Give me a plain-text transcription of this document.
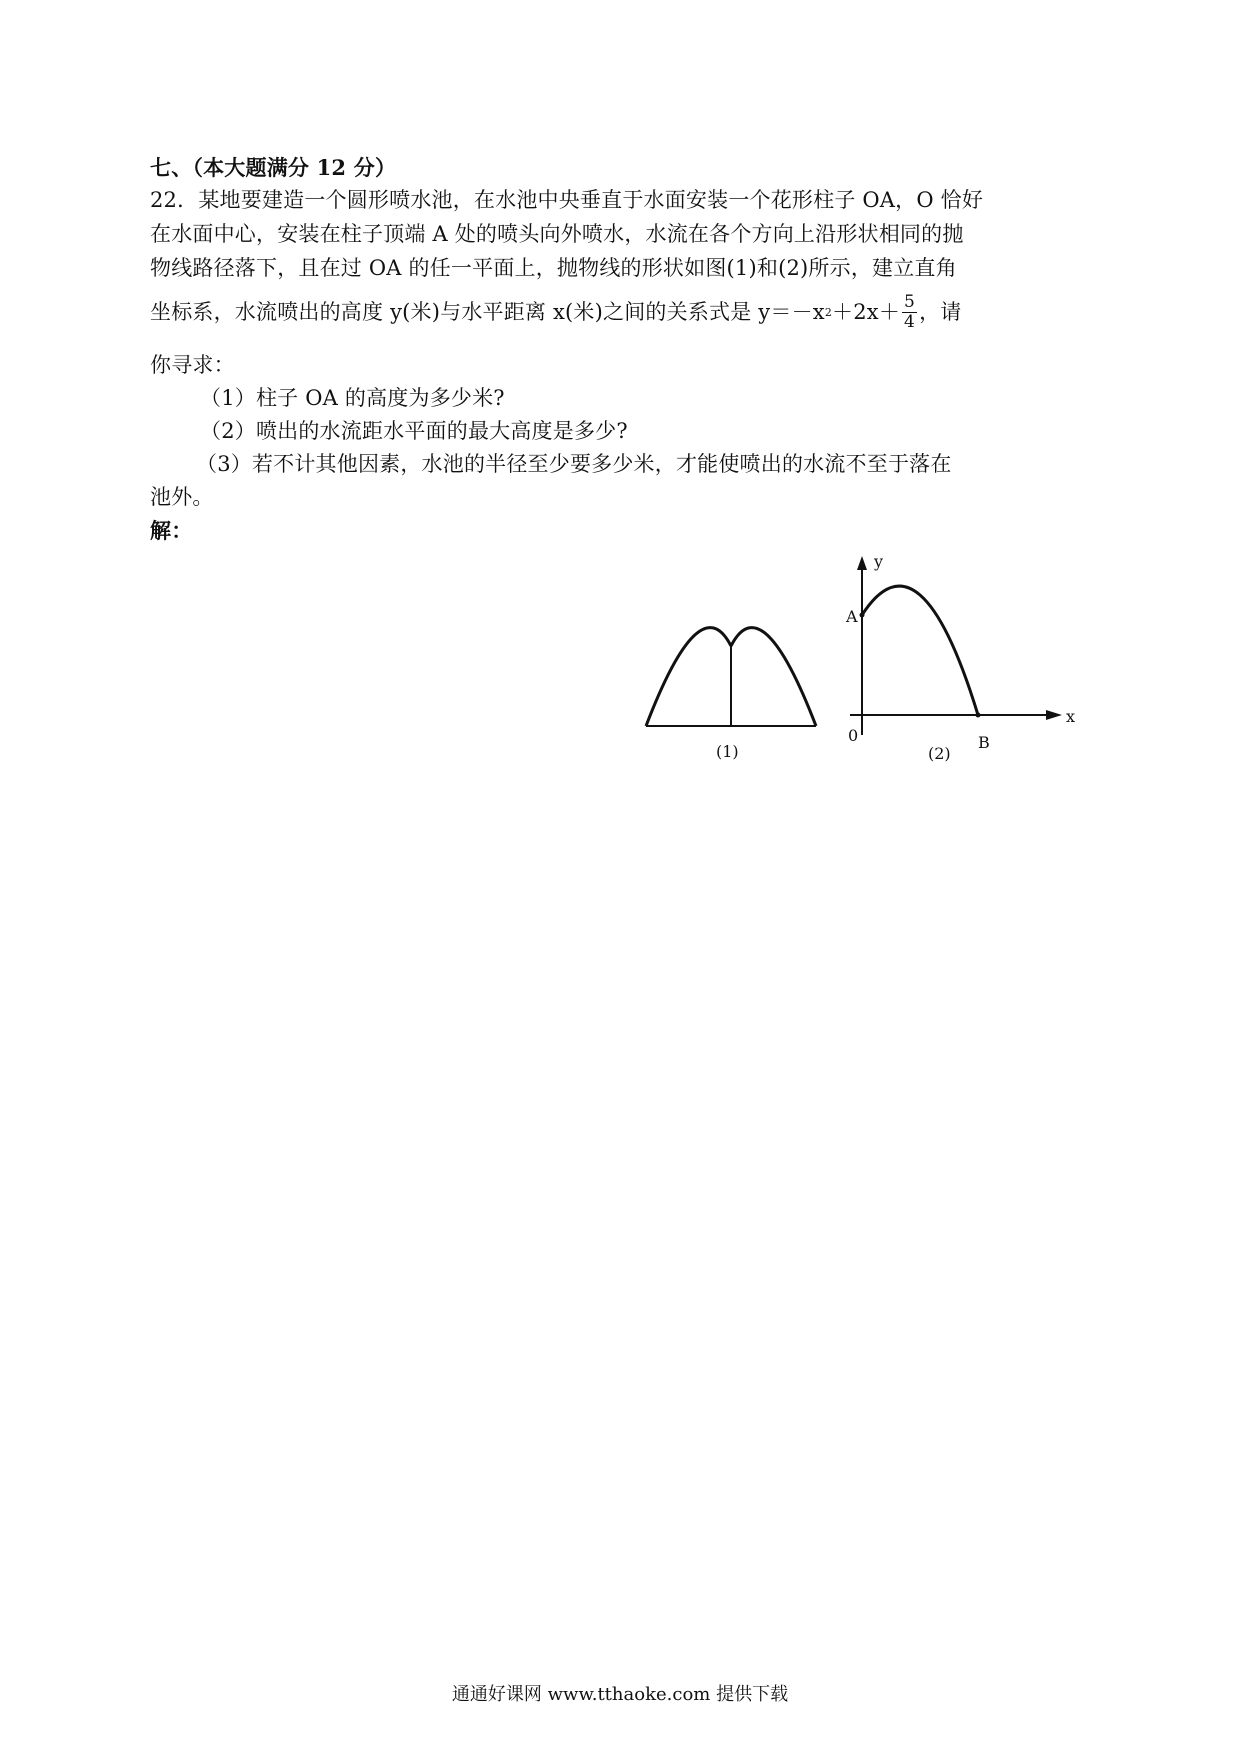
七、（本大题满分 12 分）
22．某地要建造一个圆形喷水池，在水池中央垂直于水面安装一个花形柱子 OA，O 恰好
在水面中心，安装在柱子顶端 A 处的喷头向外喷水，水流在各个方向上沿形状相同的抛
物线路径落下，且在过 OA 的任一平面上，抛物线的形状如图(1)和(2)所示，建立直角
坐标系，水流喷出的高度 y(米)与水平距离 x(米)之间的关系式是 y＝－x $2 +2x+ \frac{5}{4}$ ，请
你寻求：
（1）柱子 OA 的高度为多少米?
（2）喷出的水流距水平面的最大高度是多少?
（3）若不计其他因素，水池的半径至少要多少米，才能使喷出的水流不至于落在
池外。
解：
(1)
y
x
A
0	B
(2)
通通好课网 www.tthaoke.com 提供下载
